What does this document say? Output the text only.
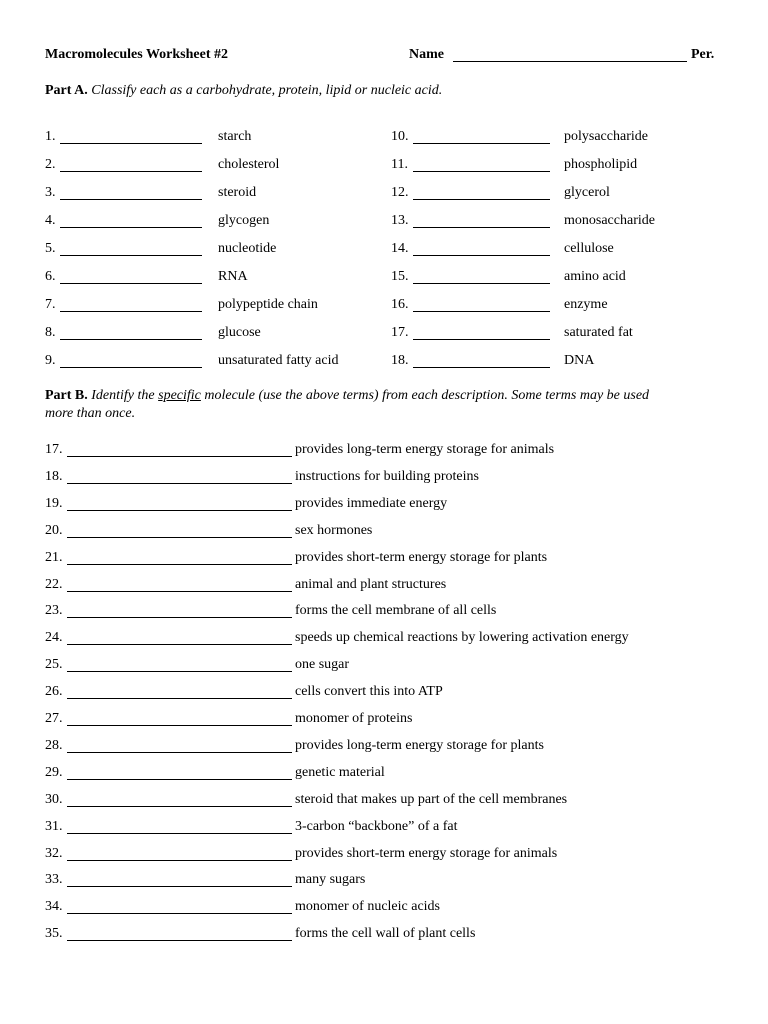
Macromolecules Worksheet #2	Name	Per.
Part A. Classify each as a carbohydrate, protein, lipid or nucleic acid.
1.	starch
2.	cholesterol
3.	steroid
4.	glycogen
5.	nucleotide
6.	RNA
7.	polypeptide chain
8.	glucose
9.	unsaturated fatty acid
10.	polysaccharide
11.	phospholipid
12.	glycerol
13.	monosaccharide
14.	cellulose
15.	amino acid
16.	enzyme
17.	saturated fat
18.	DNA
Part B. Identify the specific molecule (use the above terms) from each description. Some terms may be used
more than once.
17.	provides long-term energy storage for animals
18.	instructions for building proteins
19.	provides immediate energy
20.	sex hormones
21.	provides short-term energy storage for plants
22.	animal and plant structures
23.	forms the cell membrane of all cells
24.	speeds up chemical reactions by lowering activation energy
25.	one sugar
26.	cells convert this into ATP
27.	monomer of proteins
28.	provides long-term energy storage for plants
29.	genetic material
30.	steroid that makes up part of the cell membranes
31.	3-carbon “backbone” of a fat
32.	provides short-term energy storage for animals
33.	many sugars
34.	monomer of nucleic acids
35.	forms the cell wall of plant cells
